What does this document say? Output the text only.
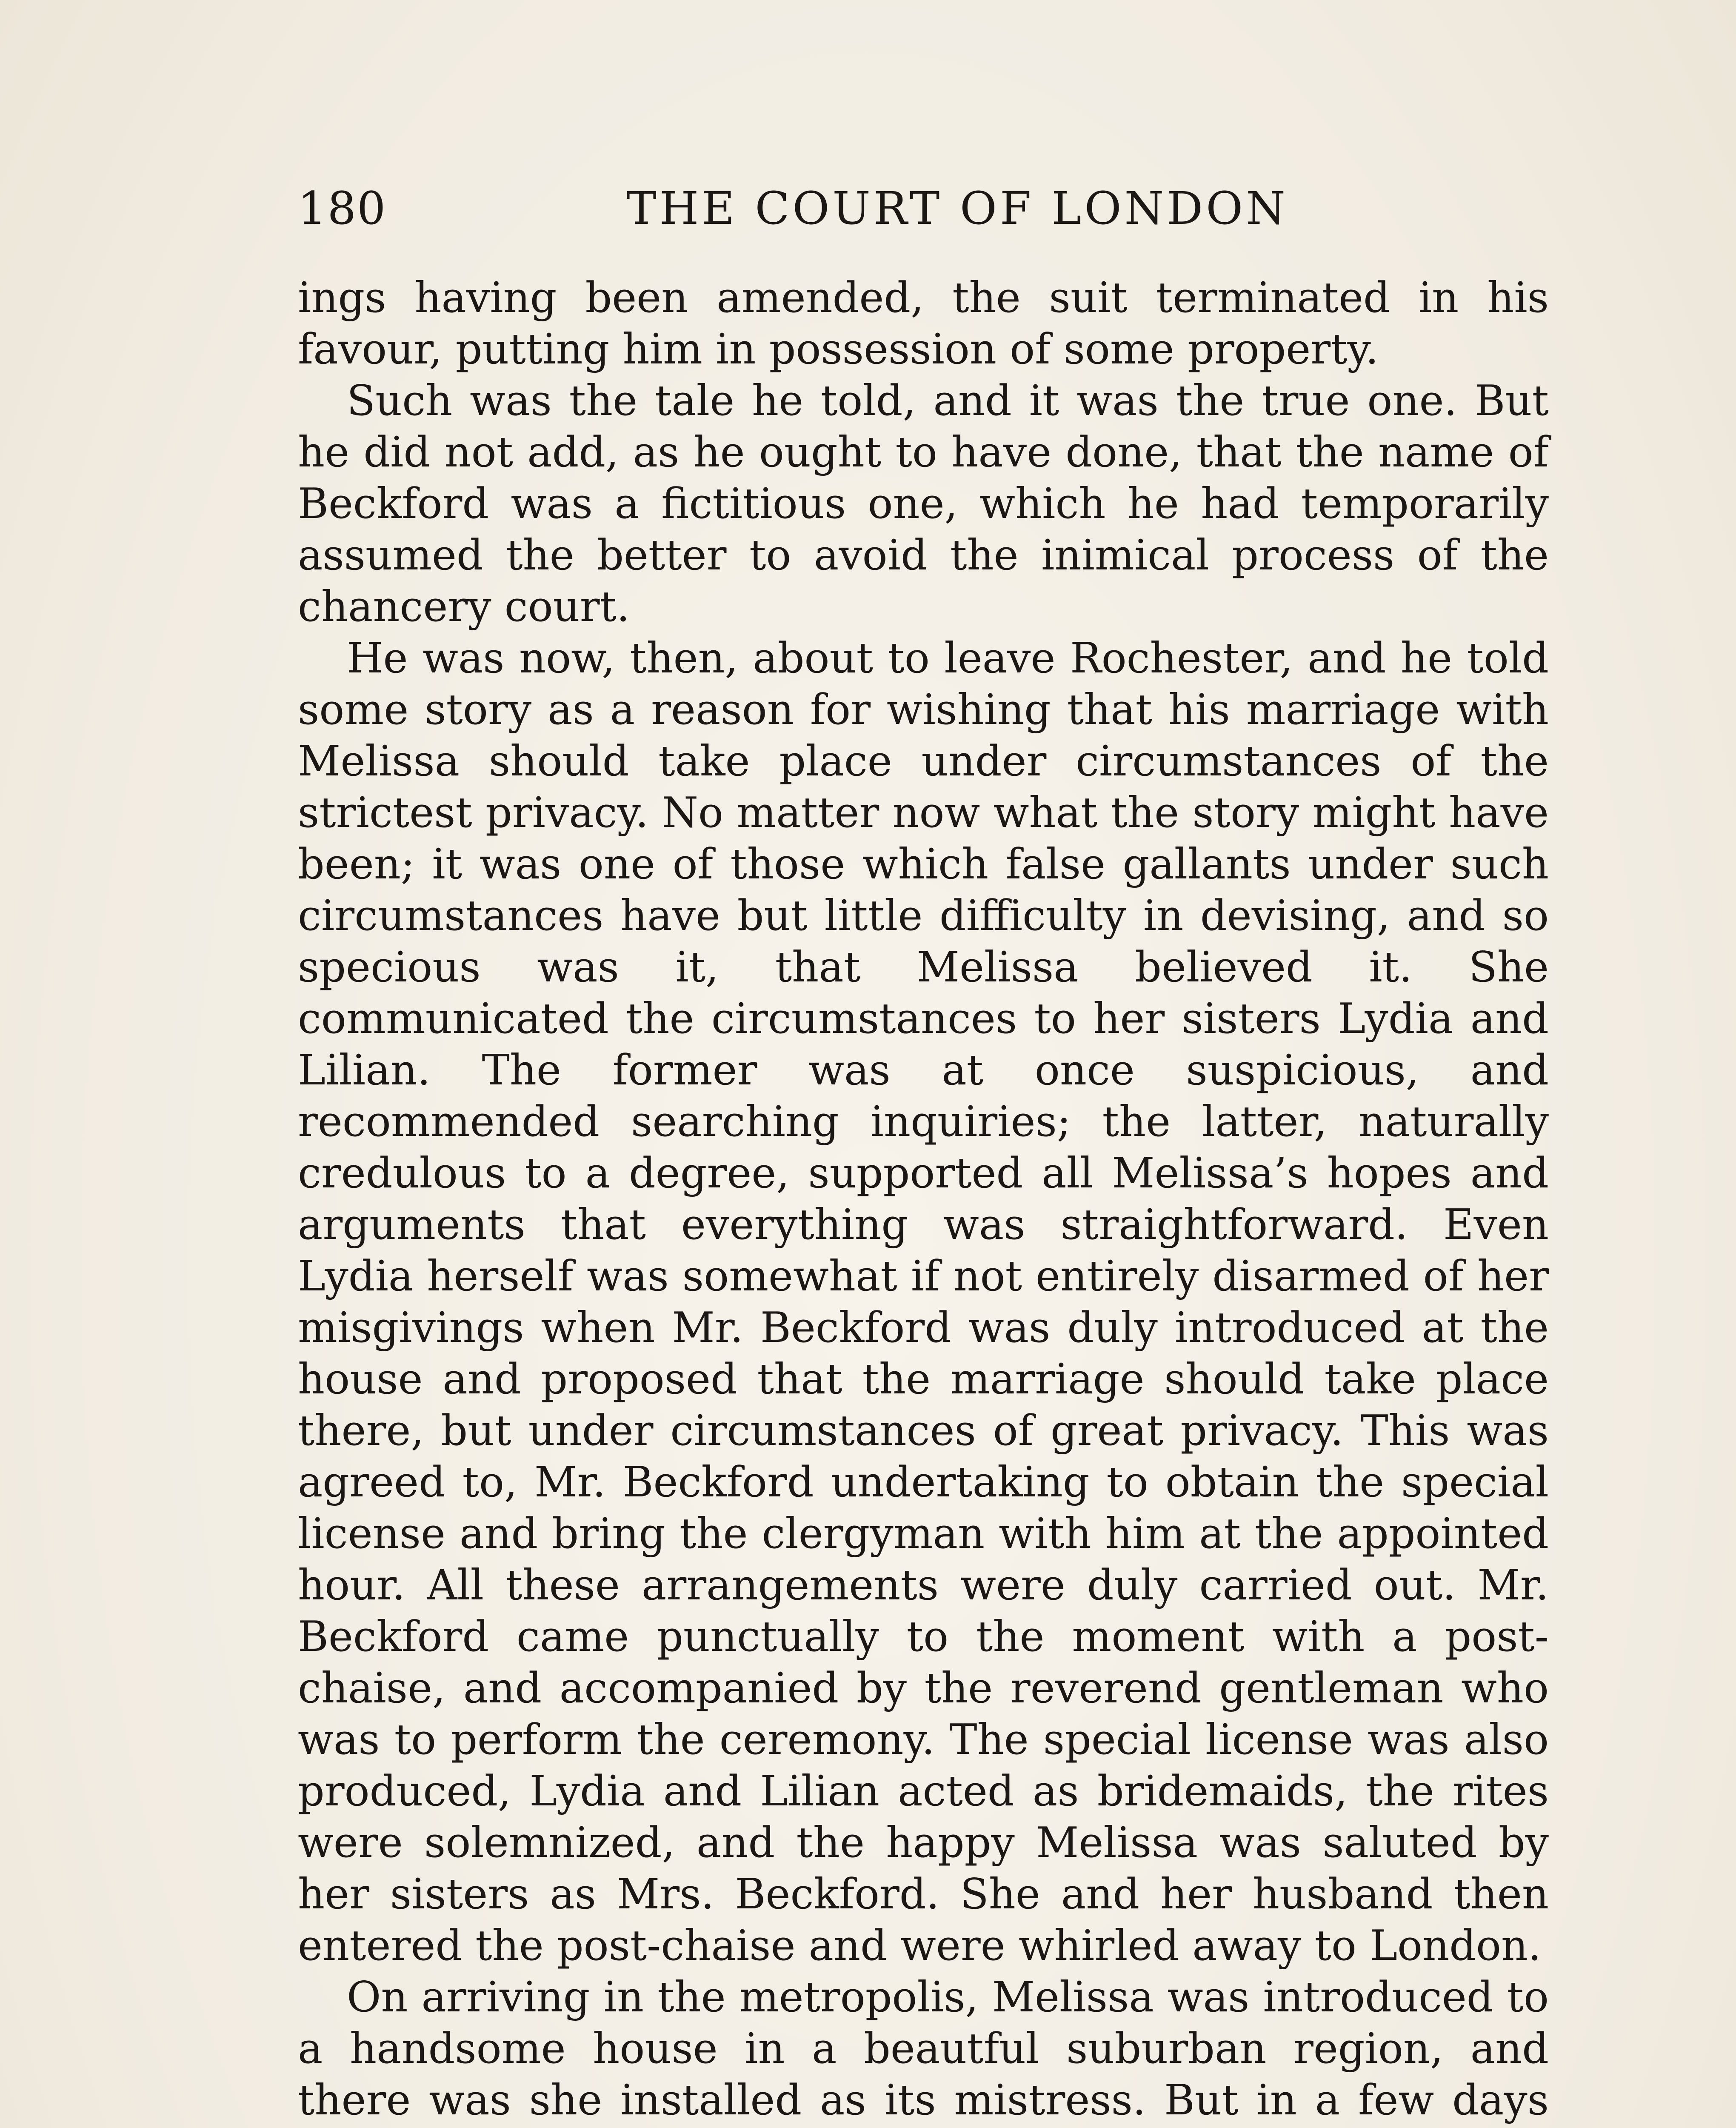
180	THE COURT OF LONDON

ings having been amended, the suit terminated in his favour, putting him in possession of some property.

Such was the tale he told, and it was the true one. But he did not add, as he ought to have done, that the name of Beckford was a fictitious one, which he had temporarily assumed the better to avoid the inimical process of the chancery court.

He was now, then, about to leave Rochester, and he told some story as a reason for wishing that his marriage with Melissa should take place under circumstances of the strictest privacy. No matter now what the story might have been; it was one of those which false gallants under such circumstances have but little difficulty in devising, and so specious was it, that Melissa believed it. She communicated the circumstances to her sisters Lydia and Lilian. The former was at once suspicious, and recommended searching inquiries; the latter, naturally credulous to a degree, supported all Melissa’s hopes and arguments that everything was straightforward. Even Lydia herself was somewhat if not entirely disarmed of her misgivings when Mr. Beckford was duly introduced at the house and proposed that the marriage should take place there, but under circumstances of great privacy. This was agreed to, Mr. Beckford undertaking to obtain the special license and bring the clergyman with him at the appointed hour. All these arrangements were duly carried out. Mr. Beckford came punctually to the moment with a post-chaise, and accompanied by the reverend gentleman who was to perform the ceremony. The special license was also produced, Lydia and Lilian acted as bridemaids, the rites were solemnized, and the happy Melissa was saluted by her sisters as Mrs. Beckford. She and her husband then entered the post-chaise and were whirled away to London.

On arriving in the metropolis, Melissa was introduced to a handsome house in a beautful suburban region, and there was she installed as its mistress. But in a few days
